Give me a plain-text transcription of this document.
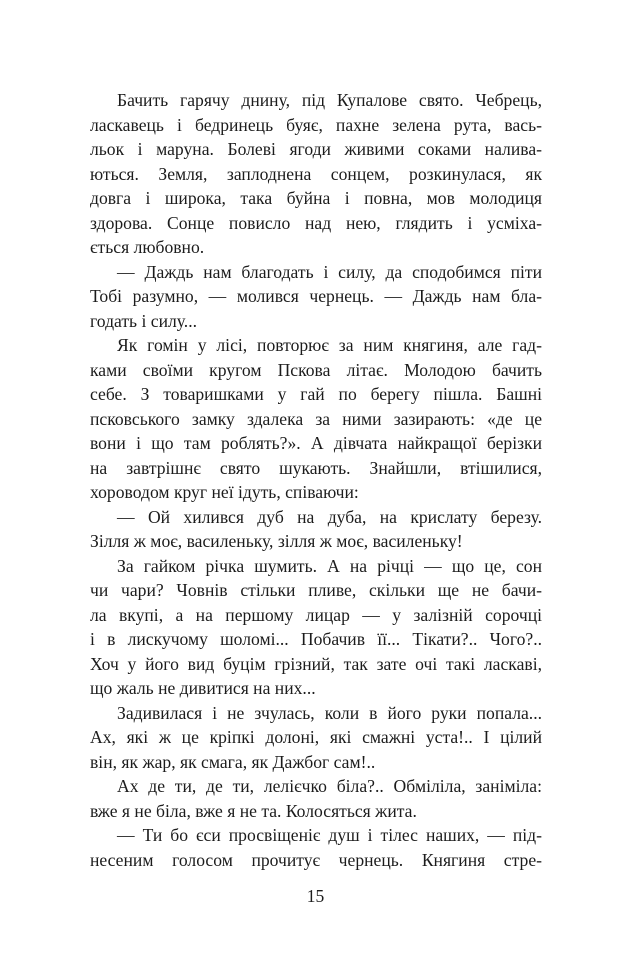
Бачить гарячу днину, під Купалове свято. Чебрець,
ласкавець і бедринець буяє, пахне зелена рута, вась-
льок і маруна. Болеві ягоди живими соками налива-
ються. Земля, заплоднена сонцем, розкинулася, як
довга і широка, така буйна і повна, мов молодиця
здорова. Сонце повисло над нею, глядить і усміха-
ється любовно.
— Даждь нам благодать і силу, да сподобимся піти
Тобі разумно, — молився чернець. — Даждь нам бла-
годать і силу...
Як гомін у лісі, повторює за ним княгиня, але гад-
ками своїми кругом Пскова літає. Молодою бачить
себе. З товаришками у гай по берегу пішла. Башні
псковського замку здалека за ними зазирають: «де це
вони і що там роблять?». А дівчата найкращої берізки
на завтрішнє свято шукають. Знайшли, втішилися,
хороводом круг неї ідуть, співаючи:
— Ой хилився дуб на дуба, на крислату березу.
Зілля ж моє, василеньку, зілля ж моє, василеньку!
За гайком річка шумить. А на річці — що це, сон
чи чари? Човнів стільки пливе, скільки ще не бачи-
ла вкупі, а на першому лицар — у залізній сорочці
і в лискучому шоломі... Побачив її... Тікати?.. Чого?..
Хоч у його вид буцім грізний, так зате очі такі ласкаві,
що жаль не дивитися на них...
Задивилася і не зчулась, коли в його руки попала...
Ах, які ж це кріпкі долоні, які смажні уста!.. І цілий
він, як жар, як смага, як Дажбог сам!..
Ах де ти, де ти, лелієчко біла?.. Обміліла, заніміла:
вже я не біла, вже я не та. Колосяться жита.
— Ти бо єси просвіщеніє душ і тілес наших, — під-
несеним голосом прочитує чернець. Княгиня стре-
15
